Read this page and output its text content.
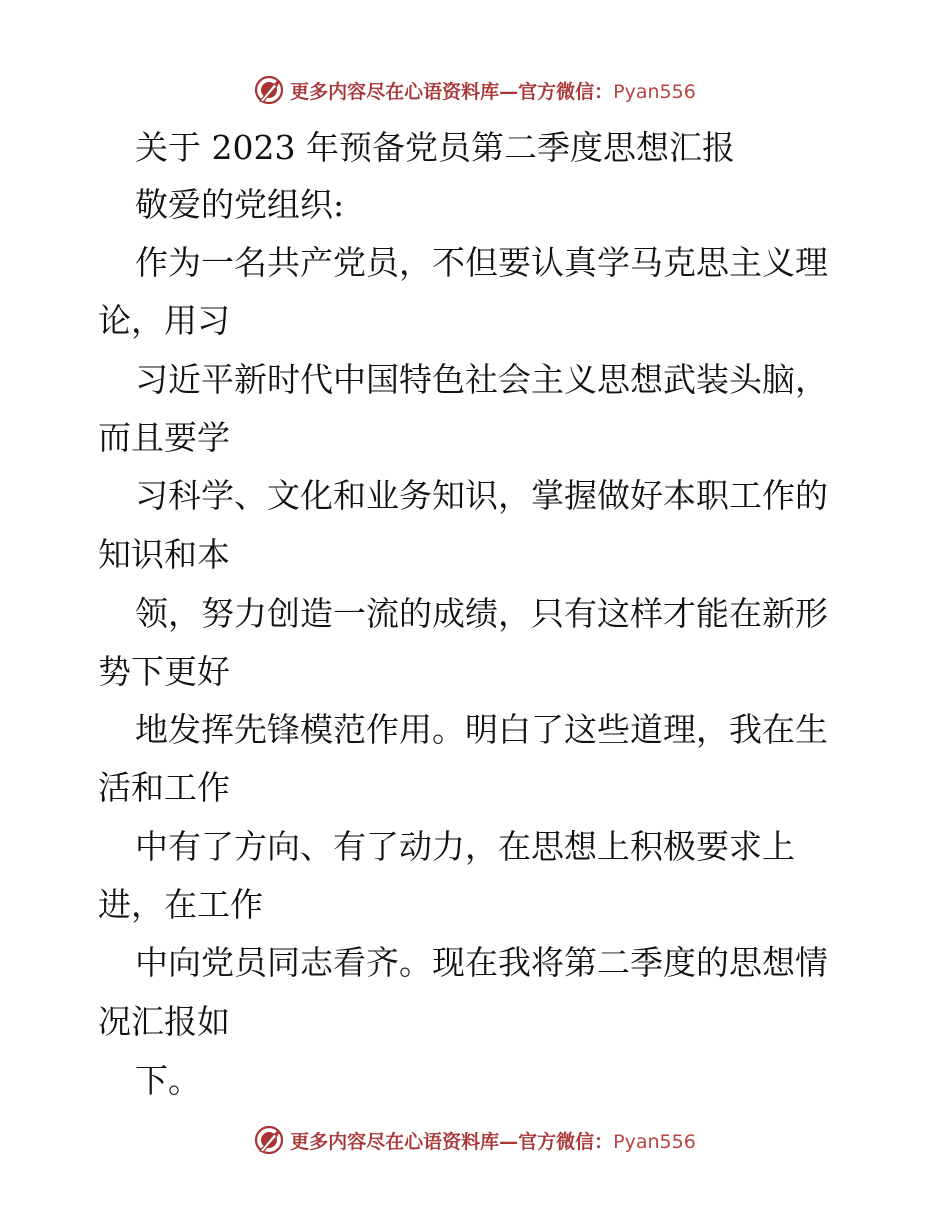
更多内容尽在心语资料库—官方微信：Pyan556
关于 2023 年预备党员第二季度思想汇报
敬爱的党组织:
作为一名共产党员，不但要认真学马克思主义理
论，用习
习近平新时代中国特色社会主义思想武装头脑，
而且要学
习科学、文化和业务知识，掌握做好本职工作的
知识和本
领，努力创造一流的成绩，只有这样才能在新形
势下更好
地发挥先锋模范作用。明白了这些道理，我在生
活和工作
中有了方向、有了动力，在思想上积极要求上
进，在工作
中向党员同志看齐。现在我将第二季度的思想情
况汇报如
下。
更多内容尽在心语资料库—官方微信：Pyan556
